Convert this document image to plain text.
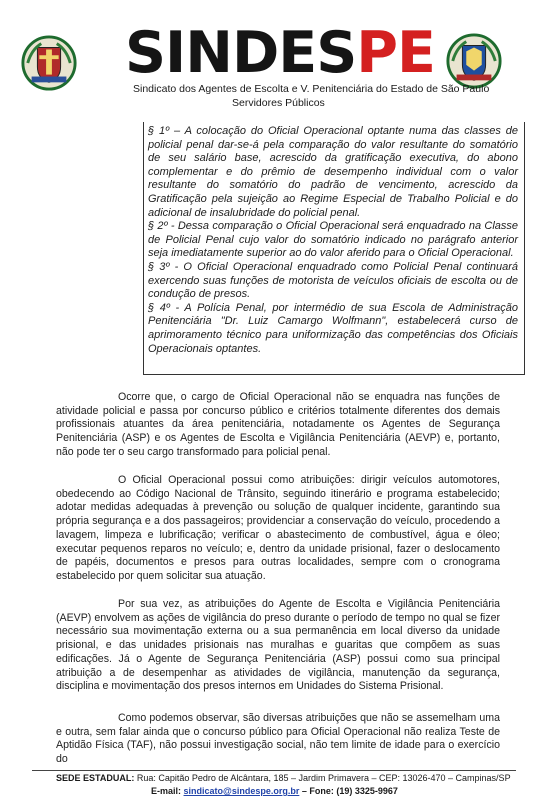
SINDESPE
Sindicato dos Agentes de Escolta e V. Penitenciária do Estado de São Paulo
Servidores Públicos

§ 1º – A colocação do Oficial Operacional optante numa das classes de policial penal dar-se-á pela comparação do valor resultante do somatório de seu salário base, acrescido da gratificação executiva, do abono complementar e do prêmio de desempenho individual com o valor resultante do somatório do padrão de vencimento, acrescido da Gratificação pela sujeição ao Regime Especial de Trabalho Policial e do adicional de insalubridade do policial penal.

§ 2º - Dessa comparação o Oficial Operacional será enquadrado na Classe de Policial Penal cujo valor do somatório indicado no parágrafo anterior seja imediatamente superior ao do valor aferido para o Oficial Operacional.

§ 3º - O Oficial Operacional enquadrado como Policial Penal continuará exercendo suas funções de motorista de veículos oficiais de escolta ou de condução de presos.

§ 4º - A Polícia Penal, por intermédio de sua Escola de Administração Penitenciária "Dr. Luiz Camargo Wolfmann", estabelecerá curso de aprimoramento técnico para uniformização das competências dos Oficiais Operacionais optantes.

Ocorre que, o cargo de Oficial Operacional não se enquadra nas funções de atividade policial e passa por concurso público e critérios totalmente diferentes dos demais profissionais atuantes da área penitenciária, notadamente os Agentes de Segurança Penitenciária (ASP) e os Agentes de Escolta e Vigilância Penitenciária (AEVP) e, portanto, não pode ter o seu cargo transformado para policial penal.

O Oficial Operacional possui como atribuições: dirigir veículos automotores, obedecendo ao Código Nacional de Trânsito, seguindo itinerário e programa estabelecido; adotar medidas adequadas à prevenção ou solução de qualquer incidente, garantindo sua própria segurança e a dos passageiros; providenciar a conservação do veículo, procedendo a lavagem, limpeza e lubrificação; verificar o abastecimento de combustível, água e óleo; executar pequenos reparos no veículo; e, dentro da unidade prisional, fazer o deslocamento de papéis, documentos e presos para outras localidades, sempre com o cronograma estabelecido por quem solicitar sua atuação.

Por sua vez, as atribuições do Agente de Escolta e Vigilância Penitenciária (AEVP) envolvem as ações de vigilância do preso durante o período de tempo no qual se fizer necessário sua movimentação externa ou a sua permanência em local diverso da unidade prisional, e das unidades prisionais nas muralhas e guaritas que compõem as suas edificações. Já o Agente de Segurança Penitenciária (ASP) possui como sua principal atribuição a de desempenhar as atividades de vigilância, manutenção da segurança, disciplina e movimentação dos presos internos em Unidades do Sistema Prisional.

Como podemos observar, são diversas atribuições que não se assemelham uma e outra, sem falar ainda que o concurso público para Oficial Operacional não realiza Teste de Aptidão Física (TAF), não possui investigação social, não tem limite de idade para o exercício do

SEDE ESTADUAL: Rua: Capitão Pedro de Alcântara, 185 – Jardim Primavera – CEP: 13026-470 – Campinas/SP
E-mail: sindicato@sindespe.org.br – Fone: (19) 3325-9967
